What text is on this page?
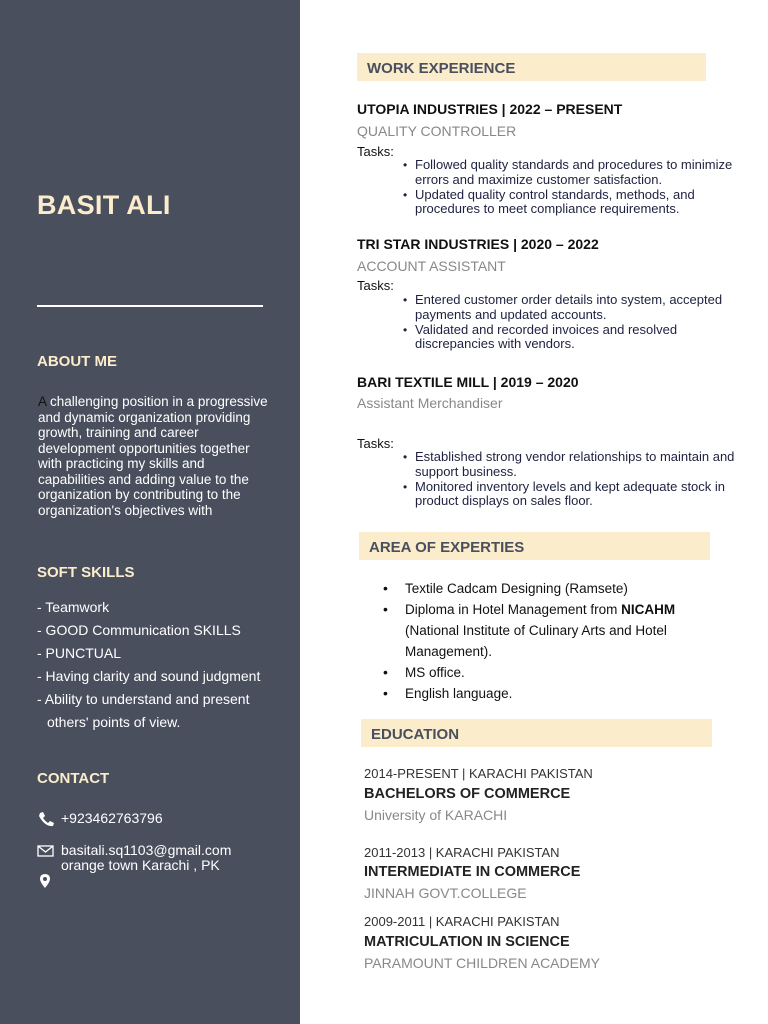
BASIT ALI
ABOUT ME
A challenging position in a progressive and dynamic organization providing growth, training and career development opportunities together with practicing my skills and capabilities and adding value to the organization by contributing to the organization's objectives with
SOFT SKILLS
- Teamwork
- GOOD Communication SKILLS
- PUNCTUAL
- Having clarity and sound judgment
- Ability to understand and present others' points of view.
CONTACT
+923462763796
basitali.sq1103@gmail.com
orange town Karachi , PK
WORK EXPERIENCE
UTOPIA INDUSTRIES | 2022 – PRESENT
QUALITY CONTROLLER
Tasks:
• Followed quality standards and procedures to minimize errors and maximize customer satisfaction.
• Updated quality control standards, methods, and procedures to meet compliance requirements.
TRI STAR INDUSTRIES | 2020 – 2022
ACCOUNT ASSISTANT
Tasks:
• Entered customer order details into system, accepted payments and updated accounts.
• Validated and recorded invoices and resolved discrepancies with vendors.
BARI TEXTILE MILL | 2019 – 2020
Assistant Merchandiser
Tasks:
• Established strong vendor relationships to maintain and support business.
• Monitored inventory levels and kept adequate stock in product displays on sales floor.
AREA OF EXPERTIES
• Textile Cadcam Designing (Ramsete)
• Diploma in Hotel Management from NICAHM (National Institute of Culinary Arts and Hotel Management).
• MS office.
• English language.
EDUCATION
2014-PRESENT | KARACHI PAKISTAN
BACHELORS OF COMMERCE
University of KARACHI
2011-2013 | KARACHI PAKISTAN
INTERMEDIATE IN COMMERCE
JINNAH GOVT.COLLEGE
2009-2011 | KARACHI PAKISTAN
MATRICULATION IN SCIENCE
PARAMOUNT CHILDREN ACADEMY
